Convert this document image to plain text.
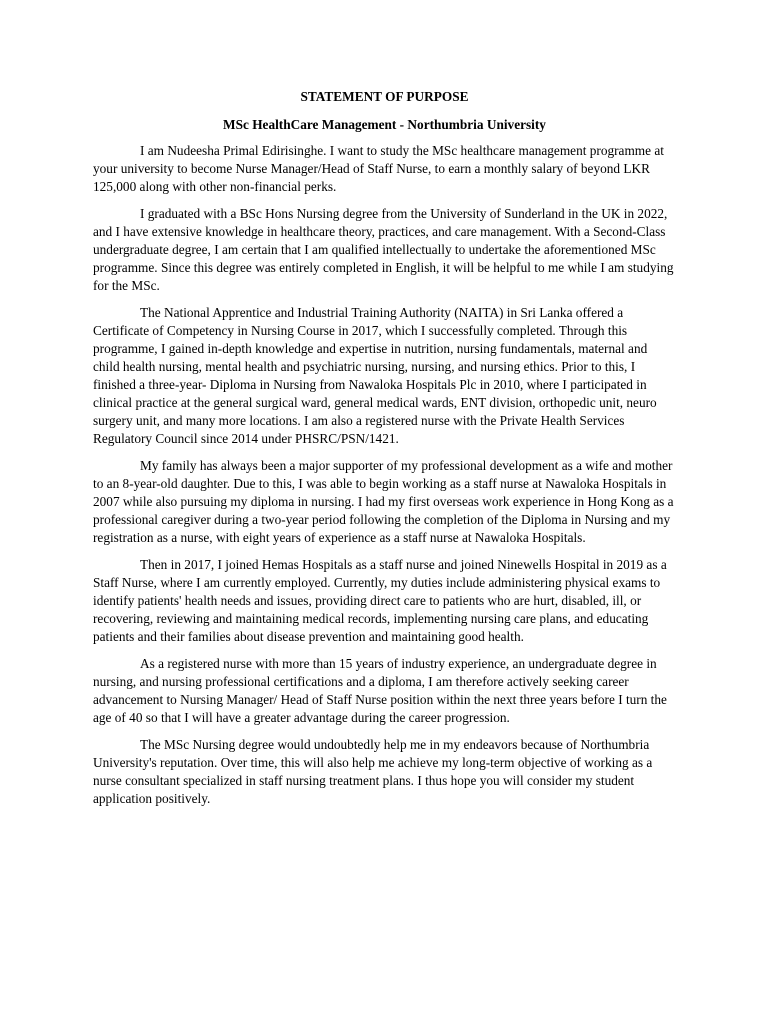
STATEMENT OF PURPOSE
MSc HealthCare Management - Northumbria University

I am Nudeesha Primal Edirisinghe. I want to study the MSc healthcare management programme at your university to become Nurse Manager/Head of Staff Nurse, to earn a monthly salary of beyond LKR 125,000 along with other non-financial perks.

I graduated with a BSc Hons Nursing degree from the University of Sunderland in the UK in 2022, and I have extensive knowledge in healthcare theory, practices, and care management. With a Second-Class undergraduate degree, I am certain that I am qualified intellectually to undertake the aforementioned MSc programme. Since this degree was entirely completed in English, it will be helpful to me while I am studying for the MSc.

The National Apprentice and Industrial Training Authority (NAITA) in Sri Lanka offered a Certificate of Competency in Nursing Course in 2017, which I successfully completed. Through this programme, I gained in-depth knowledge and expertise in nutrition, nursing fundamentals, maternal and child health nursing, mental health and psychiatric nursing, nursing, and nursing ethics. Prior to this, I finished a three-year- Diploma in Nursing from Nawaloka Hospitals Plc in 2010, where I participated in clinical practice at the general surgical ward, general medical wards, ENT division, orthopedic unit, neuro surgery unit, and many more locations. I am also a registered nurse with the Private Health Services Regulatory Council since 2014 under PHSRC/PSN/1421.

My family has always been a major supporter of my professional development as a wife and mother to an 8-year-old daughter. Due to this, I was able to begin working as a staff nurse at Nawaloka Hospitals in 2007 while also pursuing my diploma in nursing. I had my first overseas work experience in Hong Kong as a professional caregiver during a two-year period following the completion of the Diploma in Nursing and my registration as a nurse, with eight years of experience as a staff nurse at Nawaloka Hospitals.

Then in 2017, I joined Hemas Hospitals as a staff nurse and joined Ninewells Hospital in 2019 as a Staff Nurse, where I am currently employed. Currently, my duties include administering physical exams to identify patients' health needs and issues, providing direct care to patients who are hurt, disabled, ill, or recovering, reviewing and maintaining medical records, implementing nursing care plans, and educating patients and their families about disease prevention and maintaining good health.

As a registered nurse with more than 15 years of industry experience, an undergraduate degree in nursing, and nursing professional certifications and a diploma, I am therefore actively seeking career advancement to Nursing Manager/ Head of Staff Nurse position within the next three years before I turn the age of 40 so that I will have a greater advantage during the career progression.

The MSc Nursing degree would undoubtedly help me in my endeavors because of Northumbria University's reputation. Over time, this will also help me achieve my long-term objective of working as a nurse consultant specialized in staff nursing treatment plans. I thus hope you will consider my student application positively.
